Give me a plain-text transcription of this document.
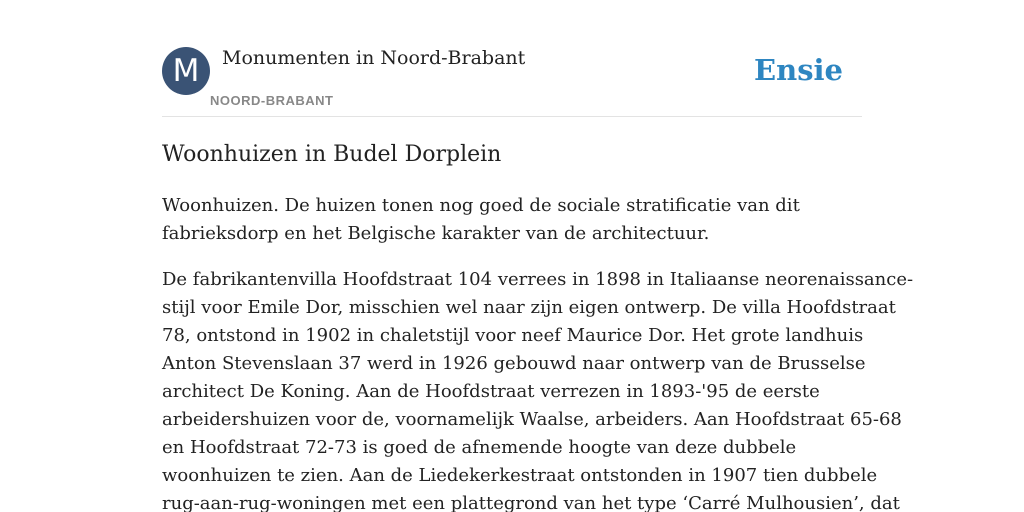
M	Monumenten in Noord-Brabant
NOORD-BRABANT
Ensie
Woonhuizen in Budel Dorplein
Woonhuizen. De huizen tonen nog goed de sociale stratificatie van dit
fabrieksdorp en het Belgische karakter van de architectuur.
De fabrikantenvilla Hoofdstraat 104 verrees in 1898 in Italiaanse neorenaissance-
stijl voor Emile Dor, misschien wel naar zijn eigen ontwerp. De villa Hoofdstraat
78, ontstond in 1902 in chaletstijl voor neef Maurice Dor. Het grote landhuis
Anton Stevenslaan 37 werd in 1926 gebouwd naar ontwerp van de Brusselse
architect De Koning. Aan de Hoofdstraat verrezen in 1893-'95 de eerste
arbeidershuizen voor de, voornamelijk Waalse, arbeiders. Aan Hoofdstraat 65-68
en Hoofdstraat 72-73 is goed de afnemende hoogte van deze dubbele
woonhuizen te zien. Aan de Liedekerkestraat ontstonden in 1907 tien dubbele
rug-aan-rug-woningen met een plattegrond van het type ‘Carré Mulhousien’, dat
